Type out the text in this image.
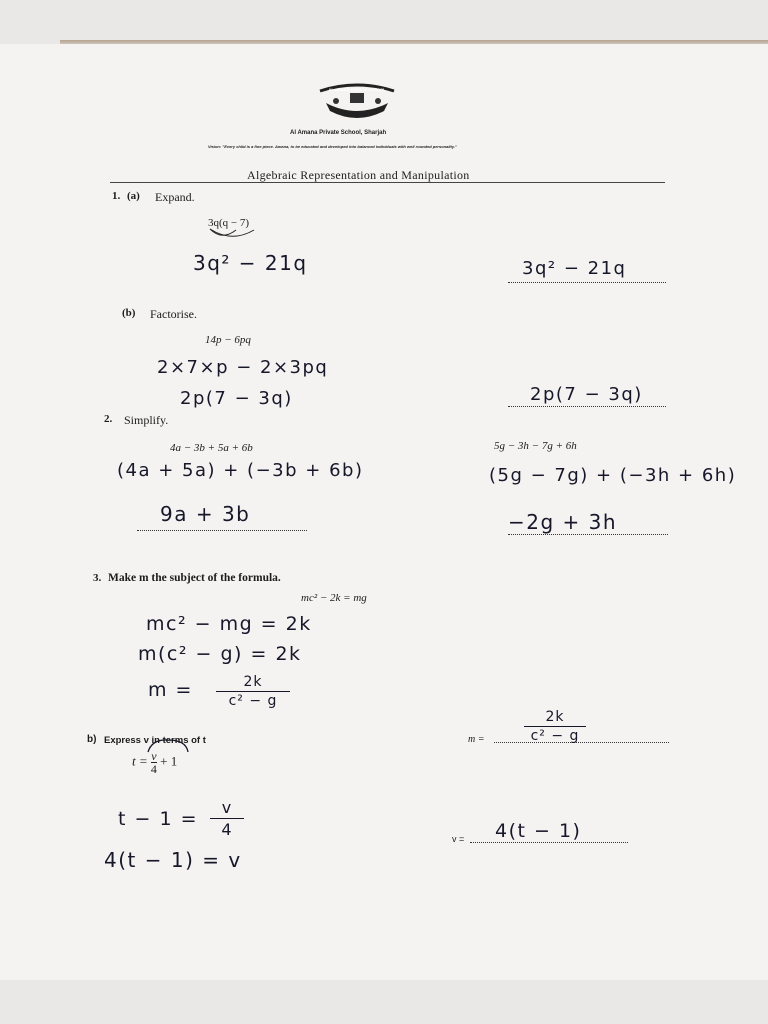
AL AMANA PRIVATE SCHOOL
Al Amana Private School, Sharjah
Vision: "Every child is a fine piece. Amana, to be educated and developed into balanced individuals with well rounded personality."
Algebraic Representation and Manipulation
1. (a) Expand.
3q(q − 7)
3q² − 21q	3q² − 21q
(b) Factorise.
14p − 6pq
2×7×p − 2×3pq
2p(7 − 3q)	2p(7 − 3q)
2. Simplify.
4a − 3b + 5a + 6b
(4a + 5a) + (−3b + 6b)
9a + 3b
5g − 3h − 7g + 6h
(5g − 7g) + (−3h + 6h)
−2g + 3h
3. Make m the subject of the formula.
mc² − 2k = mg
mc² − mg = 2k
m(c² − g) = 2k
m =	2k
c² − g
m =
2k
c² − g
b) Express v in terms of t
$t = \frac{v}{4} + 1$
t − 1 =
v
4
4(t − 1) = v
v = 4(t − 1)
